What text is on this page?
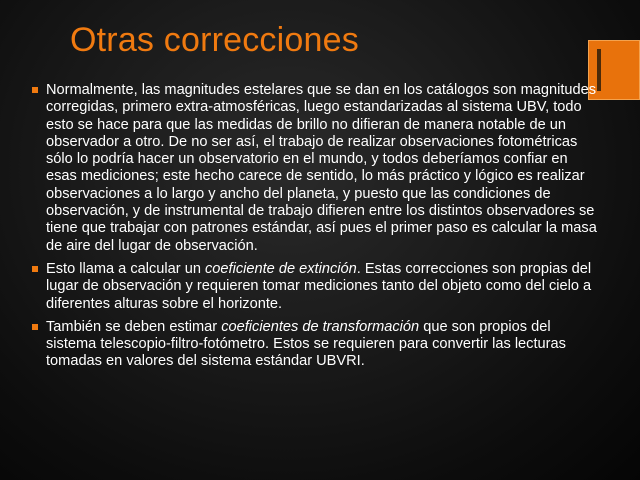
Otras correcciones

Normalmente, las magnitudes estelares que se dan en los catálogos son magnitudes corregidas, primero extra-atmosféricas, luego estandarizadas al sistema UBV, todo esto se hace para que las medidas de brillo no difieran de manera notable de un observador a otro. De no ser así, el trabajo de realizar observaciones fotométricas sólo lo podría hacer un observatorio en el mundo, y todos deberíamos confiar en esas mediciones; este hecho carece de sentido, lo más práctico y lógico es realizar observaciones a lo largo y ancho del planeta, y puesto que las condiciones de observación, y de instrumental de trabajo difieren entre los distintos observadores se tiene que trabajar con patrones estándar, así pues el primer paso es calcular la masa de aire del lugar de observación.

Esto llama a calcular un coeficiente de extinción. Estas correcciones son propias del lugar de observación y requieren tomar mediciones tanto del objeto como del cielo a diferentes alturas sobre el horizonte.

También se deben estimar coeficientes de transformación que son propios del sistema telescopio-filtro-fotómetro. Estos se requieren para convertir las lecturas tomadas en valores del sistema estándar UBVRI.
